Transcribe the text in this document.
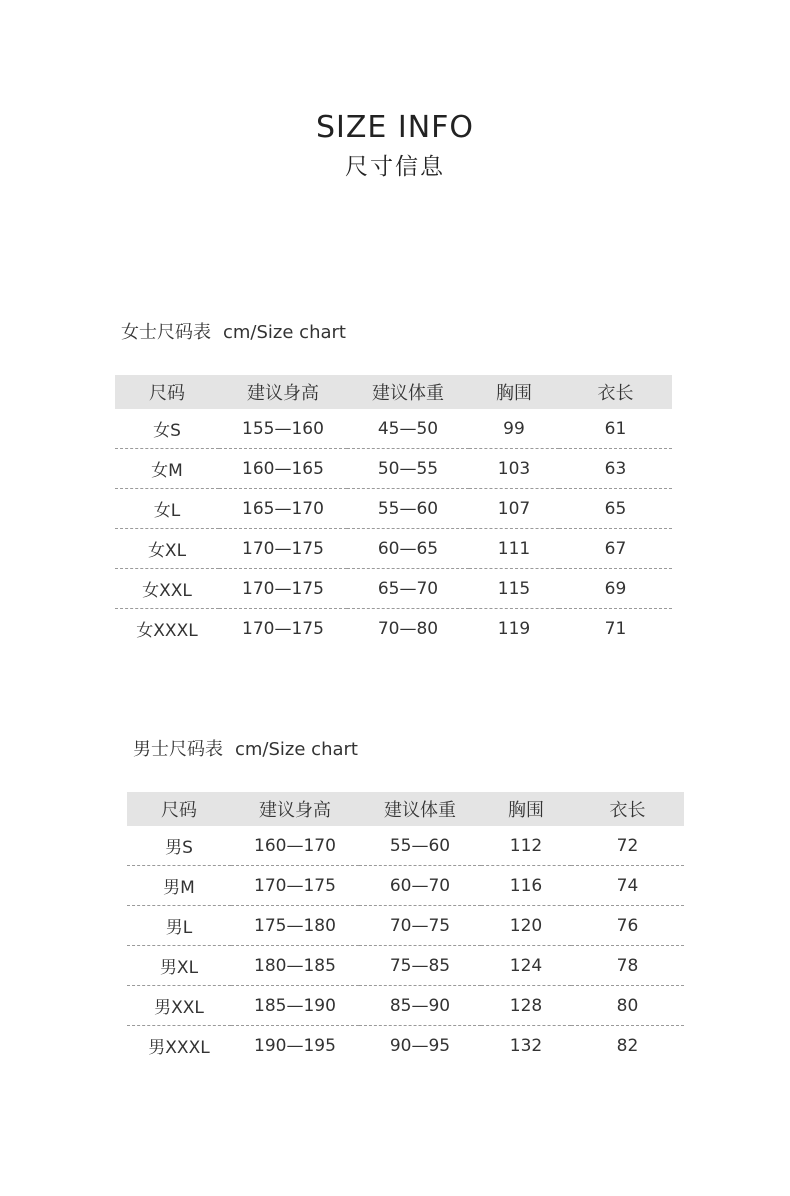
SIZE INFO
尺寸信息
女士尺码表 cm/Size chart
尺码	建议身高	建议体重	胸围	衣长
女S	155—160	45—50	99	61
女M	160—165	50—55	103	63
女L	165—170	55—60	107	65
女XL	170—175	60—65	111	67
女XXL	170—175	65—70	115	69
女XXXL	170—175	70—80	119	71
男士尺码表 cm/Size chart
尺码	建议身高	建议体重	胸围	衣长
男S	160—170	55—60	112	72
男M	170—175	60—70	116	74
男L	175—180	70—75	120	76
男XL	180—185	75—85	124	78
男XXL	185—190	85—90	128	80
男XXXL	190—195	90—95	132	82
